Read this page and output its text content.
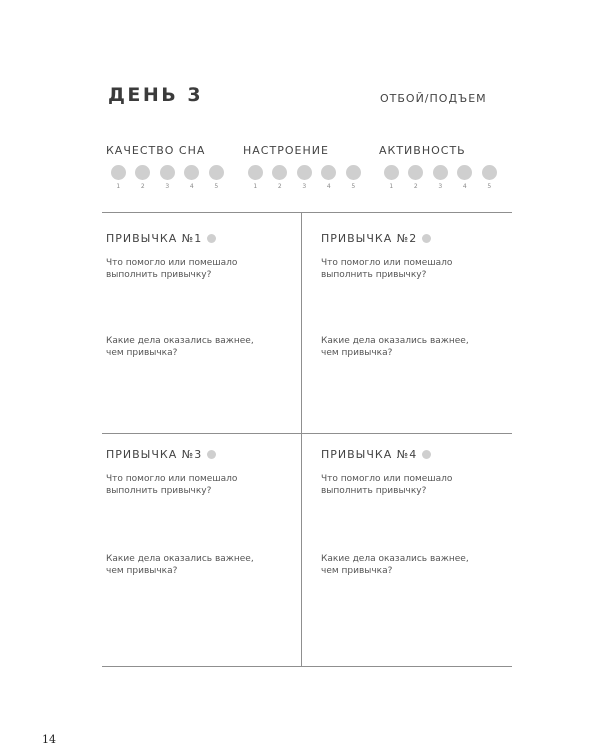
ДЕНЬ 3	ОТБОЙ/ПОДЪЕМ
КАЧЕСТВО СНА
1	2	3	4	5
НАСТРОЕНИЕ
1	2	3	4	5
АКТИВНОСТЬ
1	2	3	4	5
ПРИВЫЧКА №1
Что помогло или помешало выполнить привычку?
Какие дела оказались важнее, чем привычка?
ПРИВЫЧКА №2
Что помогло или помешало выполнить привычку?
Какие дела оказались важнее, чем привычка?
ПРИВЫЧКА №3
Что помогло или помешало выполнить привычку?
Какие дела оказались важнее, чем привычка?
ПРИВЫЧКА №4
Что помогло или помешало выполнить привычку?
Какие дела оказались важнее, чем привычка?
14
